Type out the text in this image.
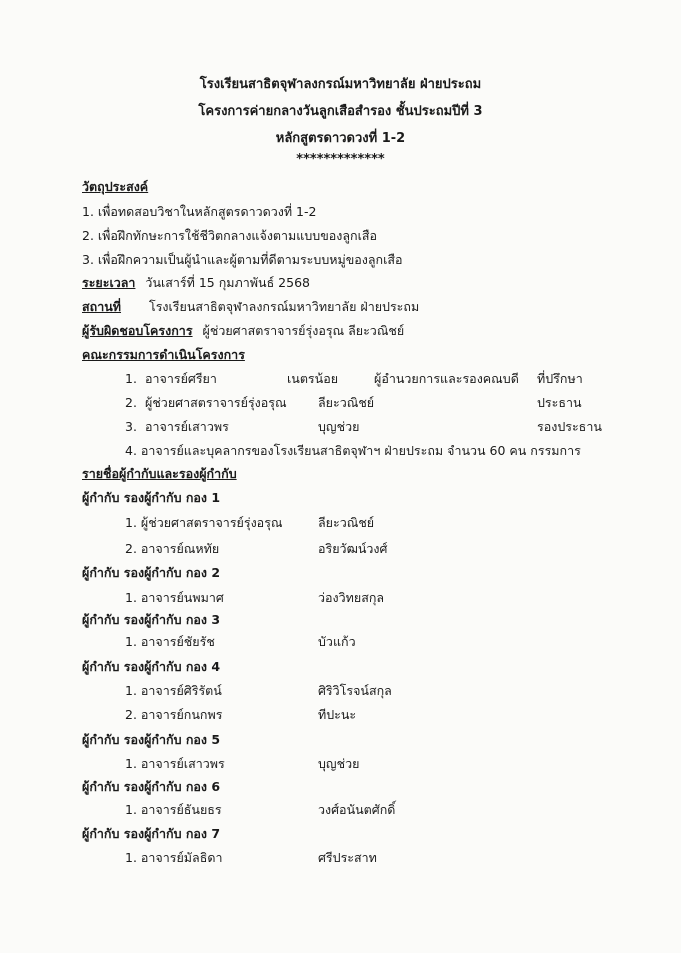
โรงเรียนสาธิตจุฬาลงกรณ์มหาวิทยาลัย ฝ่ายประถม
โครงการค่ายกลางวันลูกเสือสำรอง ชั้นประถมปีที่ 3
หลักสูตรดาวดวงที่ 1-2
*************
วัตถุประสงค์
1. เพื่อทดสอบวิชาในหลักสูตรดาวดวงที่ 1-2
2. เพื่อฝึกทักษะการใช้ชีวิตกลางแจ้งตามแบบของลูกเสือ
3. เพื่อฝึกความเป็นผู้นำและผู้ตามที่ดีตามระบบหมู่ของลูกเสือ
ระยะเวลา วันเสาร์ที่ 15 กุมภาพันธ์ 2568
สถานที่ โรงเรียนสาธิตจุฬาลงกรณ์มหาวิทยาลัย ฝ่ายประถม
ผู้รับผิดชอบโครงการ ผู้ช่วยศาสตราจารย์รุ่งอรุณ ลียะวณิชย์
คณะกรรมการดำเนินโครงการ
1. อาจารย์ศรียา	เนตรน้อย	ผู้อำนวยการและรองคณบดี ที่ปรึกษา
2. ผู้ช่วยศาสตราจารย์รุ่งอรุณ	ลียะวณิชย์	ประธาน
3. อาจารย์เสาวพร	บุญช่วย	รองประธาน
4. อาจารย์และบุคลากรของโรงเรียนสาธิตจุฬาฯ ฝ่ายประถม จำนวน 60 คน กรรมการ
รายชื่อผู้กำกับและรองผู้กำกับ
ผู้กำกับ รองผู้กำกับ กอง 1
1. ผู้ช่วยศาสตราจารย์รุ่งอรุณ	ลียะวณิชย์
2. อาจารย์ณหทัย	อริยวัฒน์วงศ์
ผู้กำกับ รองผู้กำกับ กอง 2
1. อาจารย์นพมาศ	ว่องวิทยสกุล
ผู้กำกับ รองผู้กำกับ กอง 3
1. อาจารย์ชัยรัช	บัวแก้ว
ผู้กำกับ รองผู้กำกับ กอง 4
1. อาจารย์ศิริรัตน์	ศิริวิโรจน์สกุล
2. อาจารย์กนกพร	ทีปะนะ
ผู้กำกับ รองผู้กำกับ กอง 5
1. อาจารย์เสาวพร	บุญช่วย
ผู้กำกับ รองผู้กำกับ กอง 6
1. อาจารย์ธันยธร	วงศ์อนันตศักดิ์
ผู้กำกับ รองผู้กำกับ กอง 7
1. อาจารย์มัลธิดา	ศรีประสาท
